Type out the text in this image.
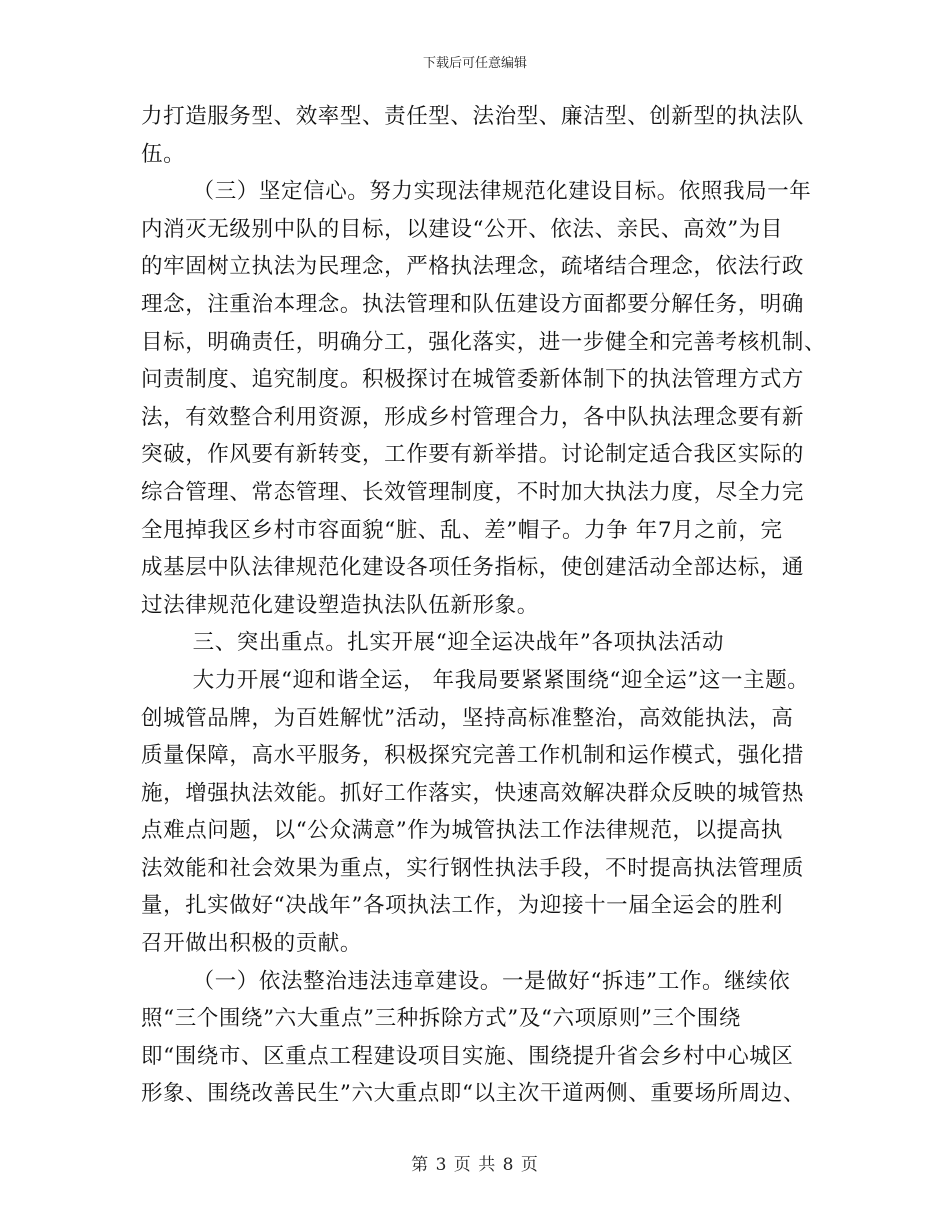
下载后可任意编辑

力打造服务型、效率型、责任型、法治型、廉洁型、创新型的执法队
伍。

（三）坚定信心。努力实现法律规范化建设目标。依照我局一年
内消灭无级别中队的目标，以建设“公开、依法、亲民、高效”为目
的牢固树立执法为民理念，严格执法理念，疏堵结合理念，依法行政
理念，注重治本理念。执法管理和队伍建设方面都要分解任务，明确
目标，明确责任，明确分工，强化落实，进一步健全和完善考核机制、
问责制度、追究制度。积极探讨在城管委新体制下的执法管理方式方
法，有效整合利用资源，形成乡村管理合力，各中队执法理念要有新
突破，作风要有新转变，工作要有新举措。讨论制定适合我区实际的
综合管理、常态管理、长效管理制度，不时加大执法力度，尽全力完
全甩掉我区乡村市容面貌“脏、乱、差”帽子。力争 年7月之前，完
成基层中队法律规范化建设各项任务指标，使创建活动全部达标，通
过法律规范化建设塑造执法队伍新形象。

三、突出重点。扎实开展“迎全运决战年”各项执法活动

大力开展“迎和谐全运， 年我局要紧紧围绕“迎全运”这一主题。
创城管品牌，为百姓解忧”活动，坚持高标准整治，高效能执法，高
质量保障，高水平服务，积极探究完善工作机制和运作模式，强化措
施，增强执法效能。抓好工作落实，快速高效解决群众反映的城管热
点难点问题，以“公众满意”作为城管执法工作法律规范，以提高执
法效能和社会效果为重点，实行钢性执法手段，不时提高执法管理质
量，扎实做好“决战年”各项执法工作，为迎接十一届全运会的胜利
召开做出积极的贡献。

（一）依法整治违法违章建设。一是做好“拆违”工作。继续依
照“三个围绕”六大重点”三种拆除方式”及“六项原则”三个围绕
即“围绕市、区重点工程建设项目实施、围绕提升省会乡村中心城区
形象、围绕改善民生”六大重点即“以主次干道两侧、重要场所周边、

第 3 页 共 8 页
